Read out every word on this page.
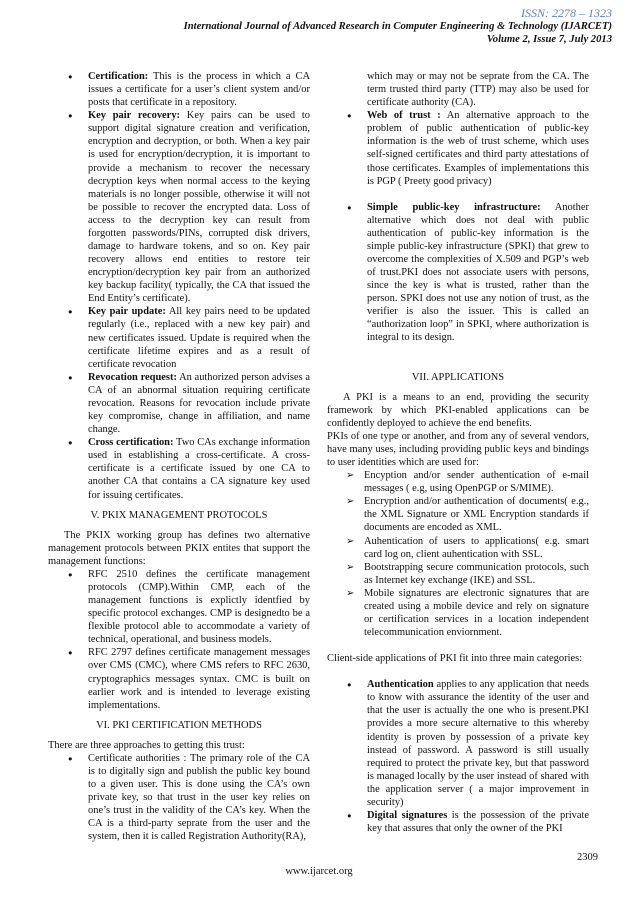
ISSN: 2278 – 1323
International Journal of Advanced Research in Computer Engineering & Technology (IJARCET)
Volume 2, Issue 7, July 2013
● Certification: This is the process in which a CA issues a certificate for a user’s client system and/or posts that certificate in a repository.
● Key pair recovery: Key pairs can be used to support digital signature creation and verification, encryption and decryption, or both. When a key pair is used for encryption/decryption, it is important to provide a mechanism to recover the necessary decryption keys when normal access to the keying materials is no longer possible, otherwise it will not be possible to recover the encrypted data. Loss of access to the decryption key can result from forgotten passwords/PINs, corrupted disk drivers, damage to hardware tokens, and so on. Key pair recovery allows end entities to restore teir encryption/decryption key pair from an authorized key backup facility( typically, the CA that issued the End Entity’s certificate).
● Key pair update: All key pairs need to be updated regularly (i.e., replaced with a new key pair) and new certificates issued. Update is required when the certificate lifetime expires and as a result of certificate revocation
● Revocation request: An authorized person advises a CA of an abnormal situation requiring certificate revocation. Reasons for revocation include private key compromise, change in affiliation, and name change.
● Cross certification: Two CAs exchange information used in establishing a cross-certificate. A cross-certificate is a certificate issued by one CA to another CA that contains a CA signature key used for issuing certificates.

V. PKIX MANAGEMENT PROTOCOLS

The PKIX working group has defines two alternative management protocols between PKIX entites that support the management functions:

● RFC 2510 defines the certificate management protocols (CMP).Within CMP, each of the management functions is explictly identfied by specific protocol exchanges. CMP is designedto be a flexible protocol able to accommodate a variety of technical, operational, and business models.
● RFC 2797 defines certificate management messages over CMS (CMC), where CMS refers to RFC 2630, cryptographics messages syntax. CMC is built on earlier work and is intended to leverage existing implementations.

VI. PKI CERTIFICATION METHODS

There are three approaches to getting this trust:

● Certificate authorities : The primary role of the CA is to digitally sign and publish the public key bound to a given user. This is done using the CA’s own private key, so that trust in the user key relies on one’s trust in the validity of the CA’s key. When the CA is a third-party seprate from the user and the system, then it is called Registration Authority(RA),
which may or may not be seprate from the CA. The term trusted third party (TTP) may also be used for certificate authority (CA).
● Web of trust : An alternative approach to the problem of public authentication of public-key information is the web of trust scheme, which uses self-signed certificates and third party attestations of those certificates. Examples of implementations this is PGP ( Preety good privacy)
● Simple public-key infrastructure: Another alternative which does not deal with public authentication of public-key information is the simple public-key infrastructure (SPKI) that grew to overcome the complexities of X.509 and PGP’s web of trust.PKI does not associate users with persons, since the key is what is trusted, rather than the person. SPKI does not use any notion of trust, as the verifier is also the issuer. This is called an “authorization loop” in SPKI, where authorization is integral to its design.

VII. APPLICATIONS

A PKI is a means to an end, providing the security framework by which PKI-enabled applications can be confidently deployed to achieve the end benefits.

PKIs of one type or another, and from any of several vendors, have many uses, including providing public keys and bindings to user identities which are used for:

➢ Encyption and/or sender authentication of e-mail messages ( e.g, using OpenPGP or S/MIME).
➢ Encryption and/or authentication of documents( e.g., the XML Signature or XML Encryption standards if documents are encoded as XML.
➢ Auhentication of users to applications( e.g. smart card log on, client auhentication with SSL.
➢ Bootstrapping secure communication protocols, such as Internet key exchange (IKE) and SSL.
➢ Mobile signatures are electronic signatures that are created using a mobile device and rely on signature or certification services in a location independent telecommunication enviornment.

Client-side applications of PKI fit into three main categories:

● Authentication applies to any application that needs to know with assurance the identity of the user and that the user is actually the one who is present.PKI provides a more secure alternative to this whereby identity is proven by possession of a private key instead of password. A password is still usually required to protect the private key, but that password is managed locally by the user instead of shared with the application server ( a major improvement in security)
● Digital signatures is the possession of the private key that assures that only the owner of the PKI
2309
www.ijarcet.org
